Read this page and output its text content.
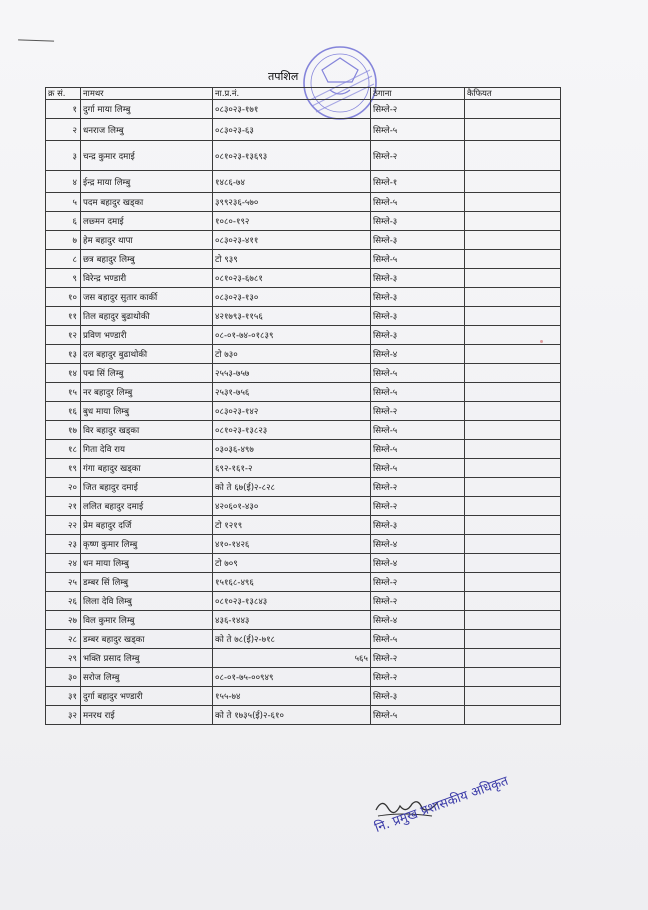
तपशिल
क्र सं.	नामथर	ना.प्र.नं.	ठेगाना	कैफियत
१	दुर्गा माया लिम्बु	०८३०२३-१७१	सिम्ले-२	
२	धनराज लिम्बु	०८३०२३-६३	सिम्ले-५	
३	चन्द्र कुमार दमाई	०८१०२३-१३६९३	सिम्ले-२	
४	ईन्द्र माया लिम्बु	१४८६-७४	सिम्ले-१	
५	पदम बहादुर खड्का	३९९२३६-५७०	सिम्ले-५	
६	लछ्मन दमाई	१०८०-१९२	सिम्ले-३	
७	हेम बहादुर थापा	०८३०२३-४११	सिम्ले-३	
८	छत्र बहादुर लिम्बु	टो ९३९	सिम्ले-५	
९	विरेन्द्र भण्डारी	०८१०२३-६७८१	सिम्ले-३	
१०	जस बहादुर सुतार कार्की	०८३०२३-१३०	सिम्ले-३	
११	तिल बहादुर बुढाथोकी	४२१७९३-११५६	सिम्ले-३	
१२	प्रविण भण्डारी	०८-०१-७४-०१८३९	सिम्ले-३	
१३	दल बहादुर बुढाथोकी	टो ७३०	सिम्ले-४	
१४	पद्म सिं लिम्बु	२५५३-७५७	सिम्ले-५	
१५	नर बहादुर लिम्बु	२५३१-७५६	सिम्ले-५	
१६	बुध माया लिम्बु	०८३०२३-१४२	सिम्ले-२	
१७	विर बहादुर खड्का	०८१०२३-१३८२३	सिम्ले-५	
१८	गिता देवि राय	०३०३६-४९७	सिम्ले-५	
१९	गंगा बहादुर खड्का	६९२-१६१-२	सिम्ले-५	
२०	जित बहादुर दमाई	को ते ६७(ई)२-८२८	सिम्ले-२	
२१	ललित बहादुर दमाई	४२०६०१-४३०	सिम्ले-२	
२२	प्रेम बहादुर दर्जि	टो १२१९	सिम्ले-३	
२३	कृष्ण कुमार लिम्बु	४१०-१४२६	सिम्ले-४	
२४	धन माया लिम्बु	टो ७०९	सिम्ले-४	
२५	डम्बर सिं लिम्बु	१५१६८-४९६	सिम्ले-२	
२६	लिला देवि लिम्बु	०८१०२३-१३८४३	सिम्ले-२	
२७	विल कुमार लिम्बु	४३६-१४४३	सिम्ले-४	
२८	डम्बर बहादुर खड्का	को ते ७८(ई)२-७१८	सिम्ले-५	
२९	भक्ति प्रसाद लिम्बु	५६५	सिम्ले-२	
३०	सरोज लिम्बु	०८-०१-७५-००९४९	सिम्ले-२	
३१	दुर्गा बहादुर भण्डारी	१५५-७४	सिम्ले-३	
३२	मनरथ राई	को ते १७३५(ई)२-६१०	सिम्ले-५	
नि. प्रमुख प्रशासकीय अधिकृत
